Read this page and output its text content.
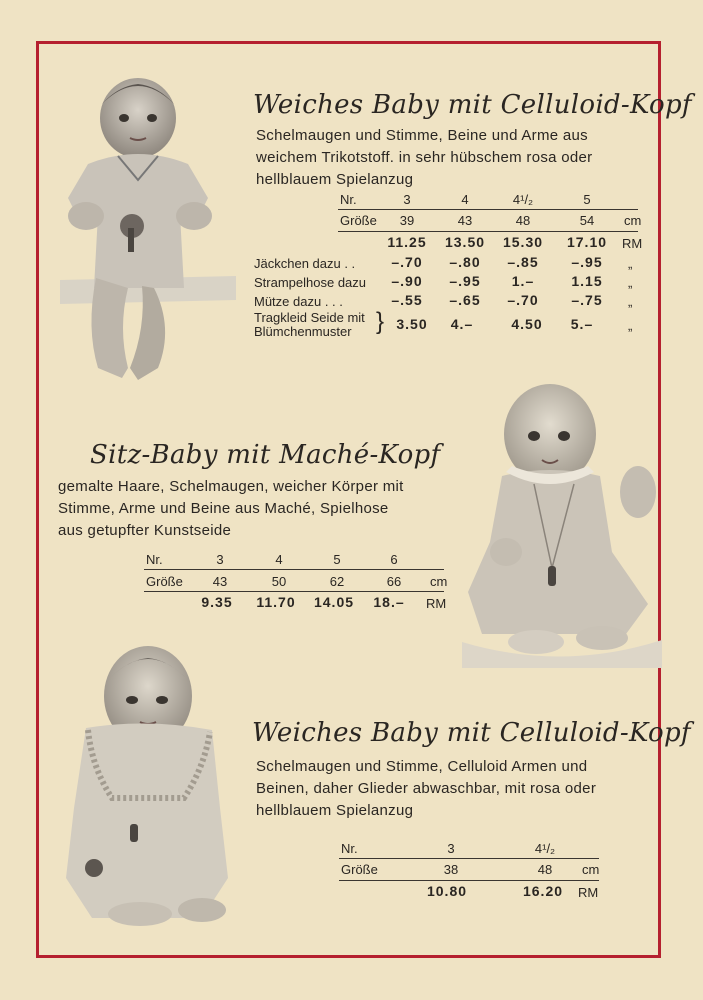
Weiches Baby mit Celluloid-Kopf
Schelmaugen und Stimme, Beine und Arme aus
weichem Trikotstoff. in sehr hübschem rosa oder
hellblauem Spielanzug
Nr.	3	4	4¹/₂	5
Größe 39	43	48	54 cm
11.25 13.50 15.30 17.10 RM
Jäckchen dazu . .	–.70 –.80 –.85 –.95 „
Strampelhose dazu –.90 –.95 1.–	1.15 „
Mütze dazu . . .	–.55 –.65 –.70 –.75 „
Tragkleid Seide mit
Blümchenmuster } 3.50 4.–	4.50 5.–	„
Sitz-Baby mit Maché-Kopf
gemalte Haare, Schelmaugen, weicher Körper mit
Stimme, Arme und Beine aus Maché, Spielhose
aus getupfter Kunstseide
Nr.	3	4	5	6
Größe 43	50	62	66 cm
9.35 11.70 14.05 18.– RM
Weiches Baby mit Celluloid-Kopf
Schelmaugen und Stimme, Celluloid Armen und
Beinen, daher Glieder abwaschbar, mit rosa oder
hellblauem Spielanzug
Nr.	3	4¹/₂
Größe	38	48 cm
10.80	16.20 RM
